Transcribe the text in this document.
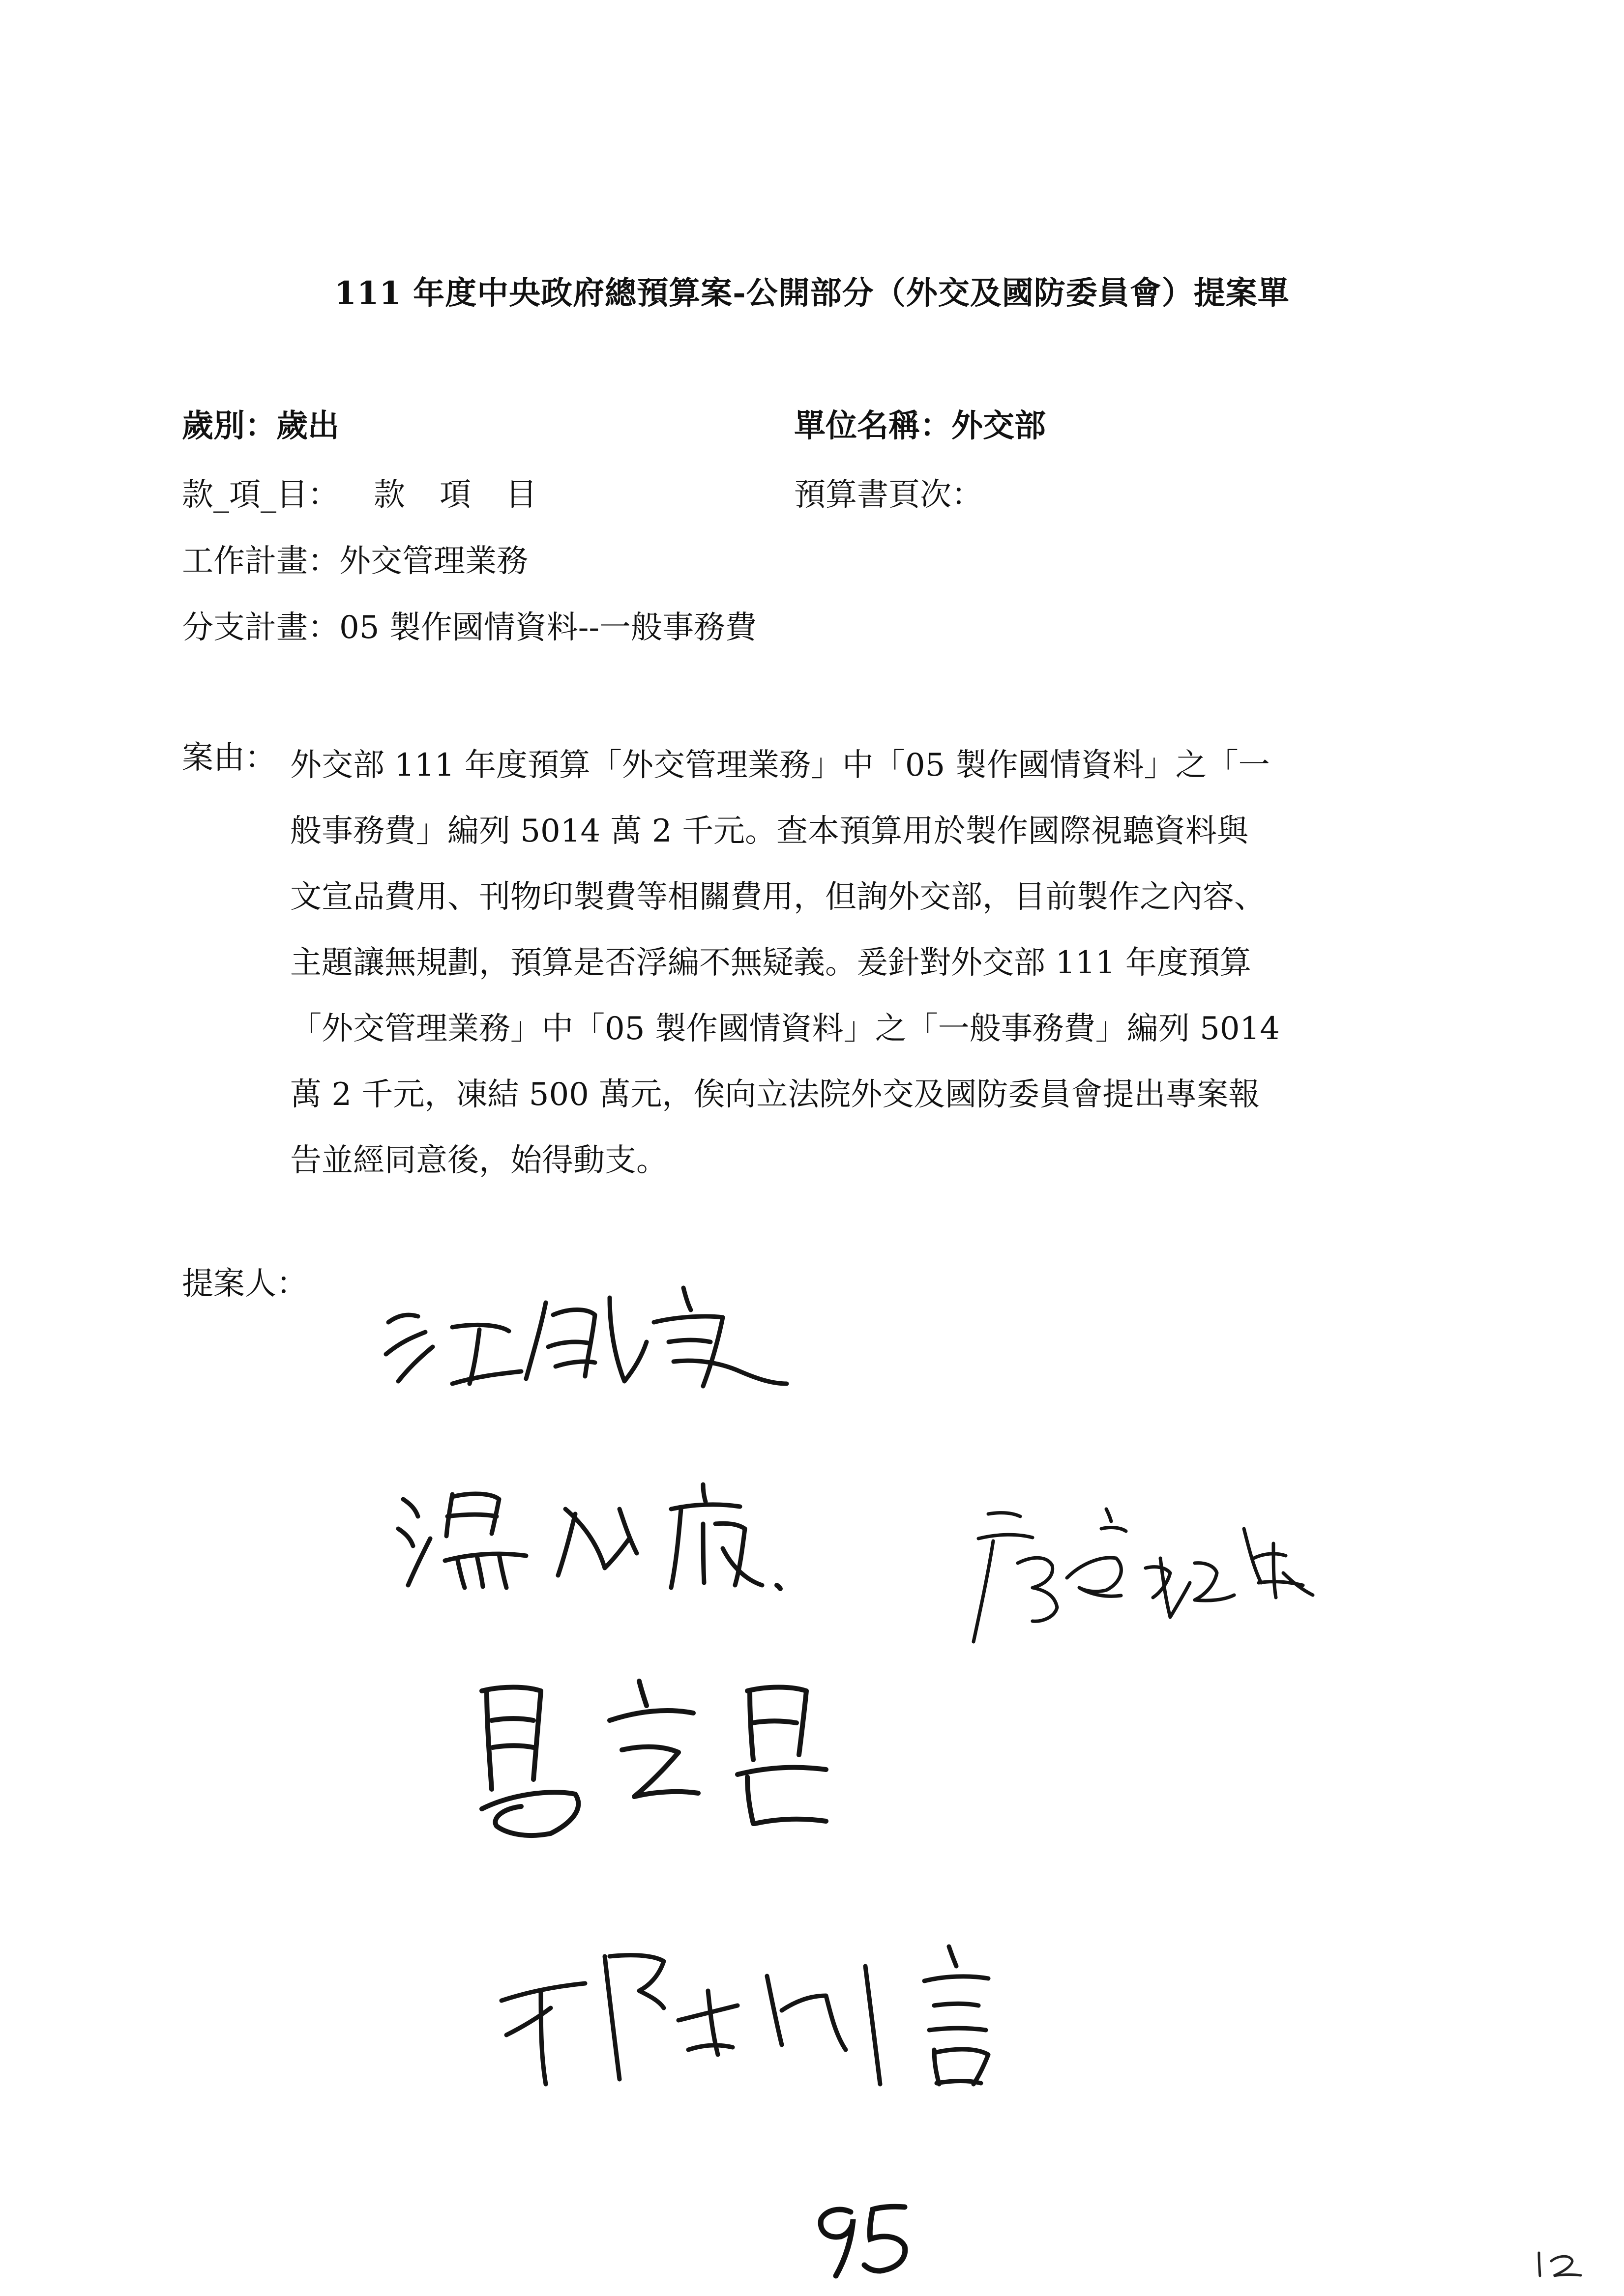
111 年度中央政府總預算案-公開部分（外交及國防委員會）提案單
歲別：歲出	單位名稱：外交部
款_項_目： 款 項 目	預算書頁次：
工作計畫：外交管理業務
分支計畫：05 製作國情資料--一般事務費
案由： 外交部 111 年度預算「外交管理業務」中「05 製作國情資料」之「一

般事務費」編列 5014 萬 2 千元。查本預算用於製作國際視聽資料與

文宣品費用、刊物印製費等相關費用，但詢外交部，目前製作之內容、

主題讓無規劃，預算是否浮編不無疑義。爰針對外交部 111 年度預算

「外交管理業務」中「05 製作國情資料」之「一般事務費」編列 5014

萬 2 千元，凍結 500 萬元，俟向立法院外交及國防委員會提出專案報

告並經同意後，始得動支。

提案人：
